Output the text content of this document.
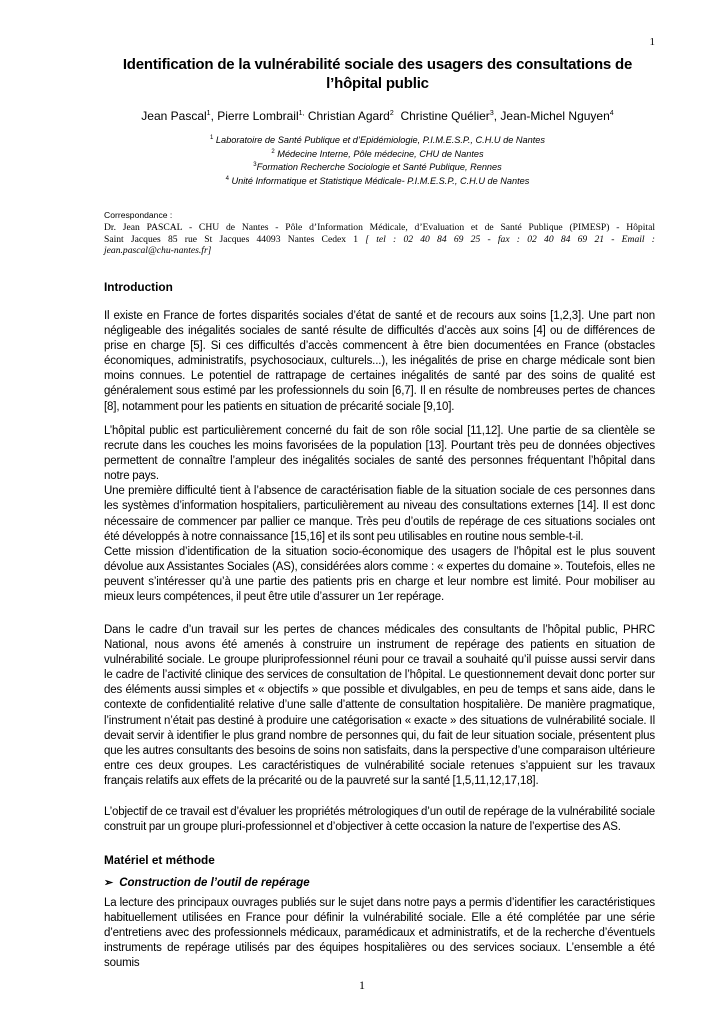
1
Identification de la vulnérabilité sociale des usagers des consultations de l’hôpital public
Jean Pascal$^1$, Pierre Lombrail$^{1,}$ Christian Agard$^2$ Christine Quélier$^3$, Jean-Michel Nguyen$^4$
$^1$ Laboratoire de Santé Publique et d’Epidémiologie, P.I.M.E.S.P., C.H.U de Nantes
$^2$ Médecine Interne, Pôle médecine, CHU de Nantes
$^3$Formation Recherche Sociologie et Santé Publique, Rennes
$^4$ Unité Informatique et Statistique Médicale- P.I.M.E.S.P., C.H.U de Nantes
Correspondance :
Dr. Jean PASCAL - CHU de Nantes - Pôle d’Information Médicale, d’Evaluation et de Santé Publique (PIMESP) - Hôpital
Saint Jacques 85 rue St Jacques 44093 Nantes Cedex 1 [ tel : 02 40 84 69 25 - fax : 02 40 84 69 21 - Email :
jean.pascal@chu-nantes.fr]
Introduction

Il existe en France de fortes disparités sociales d’état de santé et de recours aux soins [1,2,3]. Une part non négligeable des inégalités sociales de santé résulte de difficultés d’accès aux soins [4] ou de différences de prise en charge [5]. Si ces difficultés d’accès commencent à être bien documentées en France (obstacles économiques, administratifs, psychosociaux, culturels...), les inégalités de prise en charge médicale sont bien moins connues. Le potentiel de rattrapage de certaines inégalités de santé par des soins de qualité est généralement sous estimé par les professionnels du soin [6,7]. Il en résulte de nombreuses pertes de chances [8], notamment pour les patients en situation de précarité sociale [9,10].

L’hôpital public est particulièrement concerné du fait de son rôle social [11,12]. Une partie de sa clientèle se recrute dans les couches les moins favorisées de la population [13]. Pourtant très peu de données objectives permettent de connaître l’ampleur des inégalités sociales de santé des personnes fréquentant l’hôpital dans notre pays.

Une première difficulté tient à l’absence de caractérisation fiable de la situation sociale de ces personnes dans les systèmes d’information hospitaliers, particulièrement au niveau des consultations externes [14]. Il est donc nécessaire de commencer par pallier ce manque. Très peu d’outils de repérage de ces situations sociales ont été développés à notre connaissance [15,16] et ils sont peu utilisables en routine nous semble-t-il.

Cette mission d’identification de la situation socio-économique des usagers de l’hôpital est le plus souvent dévolue aux Assistantes Sociales (AS), considérées alors comme : « expertes du domaine ». Toutefois, elles ne peuvent s’intéresser qu’à une partie des patients pris en charge et leur nombre est limité. Pour mobiliser au mieux leurs compétences, il peut être utile d’assurer un 1er repérage.

Dans le cadre d’un travail sur les pertes de chances médicales des consultants de l’hôpital public, PHRC National, nous avons été amenés à construire un instrument de repérage des patients en situation de vulnérabilité sociale. Le groupe pluriprofessionnel réuni pour ce travail a souhaité qu’il puisse aussi servir dans le cadre de l’activité clinique des services de consultation de l’hôpital. Le questionnement devait donc porter sur des éléments aussi simples et « objectifs » que possible et divulgables, en peu de temps et sans aide, dans le contexte de confidentialité relative d’une salle d’attente de consultation hospitalière. De manière pragmatique, l’instrument n’était pas destiné à produire une catégorisation « exacte » des situations de vulnérabilité sociale. Il devait servir à identifier le plus grand nombre de personnes qui, du fait de leur situation sociale, présentent plus que les autres consultants des besoins de soins non satisfaits, dans la perspective d’une comparaison ultérieure entre ces deux groupes. Les caractéristiques de vulnérabilité sociale retenues s’appuient sur les travaux français relatifs aux effets de la précarité ou de la pauvreté sur la santé [1,5,11,12,17,18].

L’objectif de ce travail est d’évaluer les propriétés métrologiques d’un outil de repérage de la vulnérabilité sociale construit par un groupe pluri-professionnel et d’objectiver à cette occasion la nature de l’expertise des AS.

Matériel et méthode
➢ Construction de l’outil de repérage

La lecture des principaux ouvrages publiés sur le sujet dans notre pays a permis d’identifier les caractéristiques habituellement utilisées en France pour définir la vulnérabilité sociale. Elle a été complétée par une série d’entretiens avec des professionnels médicaux, paramédicaux et administratifs, et de la recherche d’éventuels instruments de repérage utilisés par des équipes hospitalières ou des services sociaux. L’ensemble a été soumis

1
